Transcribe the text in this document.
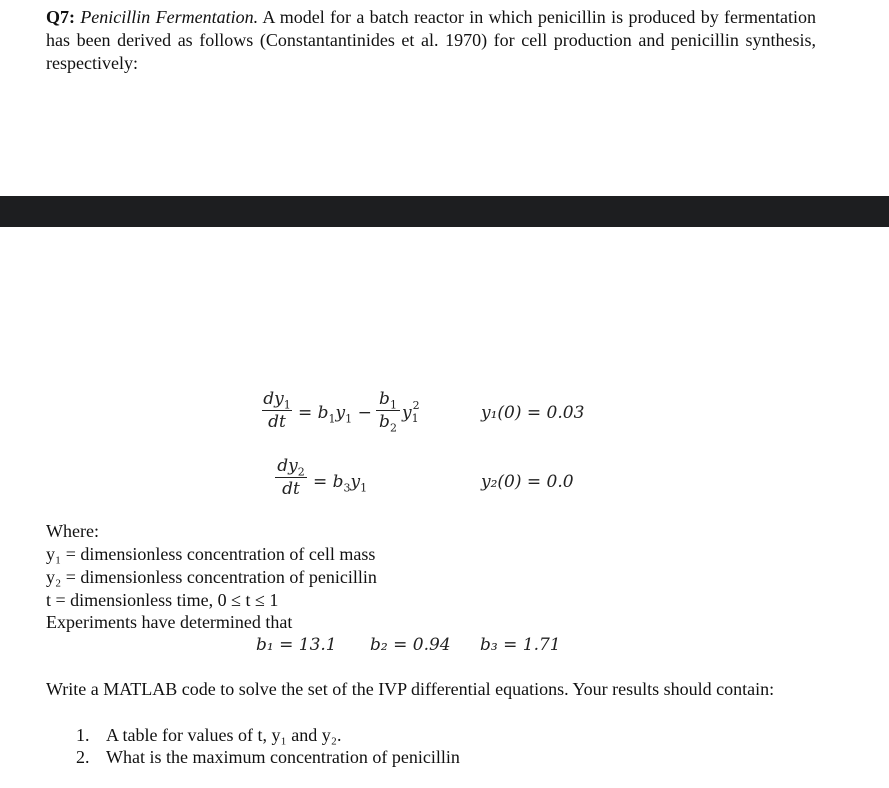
Q7: Penicillin Fermentation. A model for a batch reactor in which penicillin is produced by fermentation has been derived as follows (Constantantinides et al. 1970) for cell production and penicillin synthesis, respectively:
$dy_1$
dt = $b_1y_1$ −
$b_1$
$b_2$
$y_1^2$	y₁(0) = 0.03
$dy_2$
dt = $b_3y_1$	y₂(0) = 0.0
Where:
y₁ = dimensionless concentration of cell mass
y₂ = dimensionless concentration of penicillin
t = dimensionless time, 0 ≤ t ≤ 1
Experiments have determined that
b₁ = 13.1 b₂ = 0.94 b₃ = 1.71
Write a MATLAB code to solve the set of the IVP differential equations. Your results should contain:
1. A table for values of t, y₁ and y₂.
2. What is the maximum concentration of penicillin
